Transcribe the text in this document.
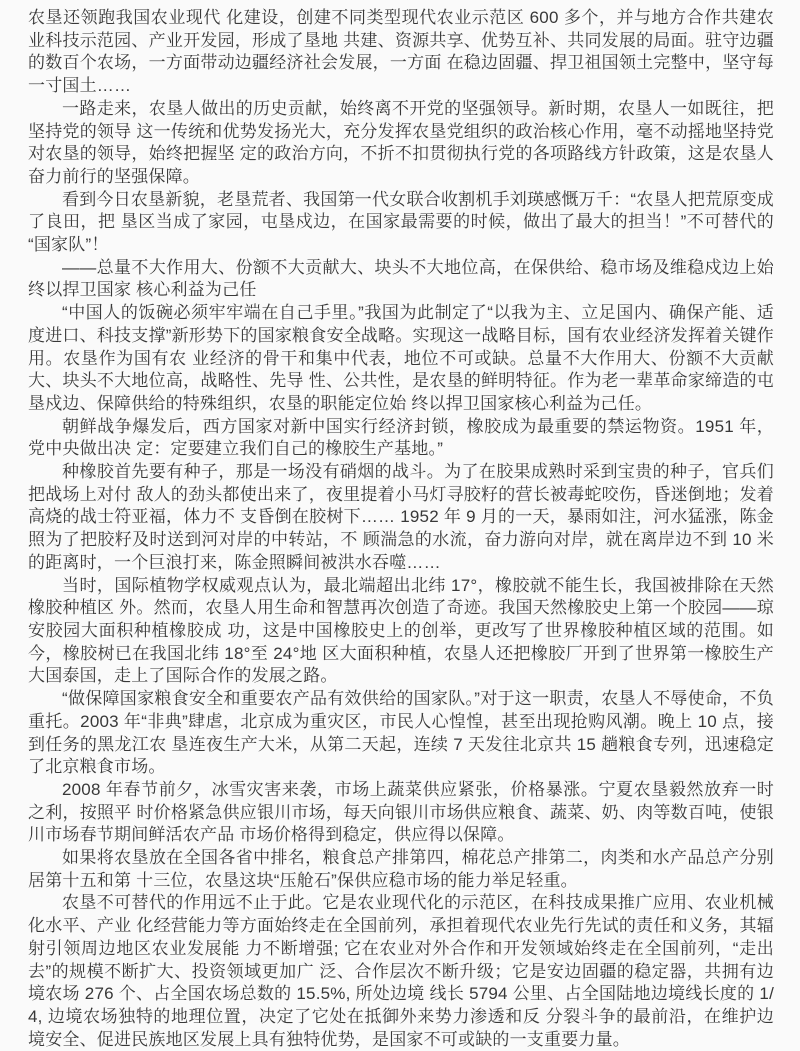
农垦还领跑我国农业现代 化建设，创建不同类型现代农业示范区 600 多个，并与地方合作共建农业科技示范园、产业开发园，形成了垦地 共建、资源共享、优势互补、共同发展的局面。驻守边疆的数百个农场，一方面带动边疆经济社会发展，一方面 在稳边固疆、捍卫祖国领土完整中，坚守每一寸国土……

一路走来，农垦人做出的历史贡献，始终离不开党的坚强领导。新时期，农垦人一如既往，把坚持党的领导 这一传统和优势发扬光大，充分发挥农垦党组织的政治核心作用，毫不动摇地坚持党对农垦的领导，始终把握坚 定的政治方向，不折不扣贯彻执行党的各项路线方针政策，这是农垦人奋力前行的坚强保障。

看到今日农垦新貌，老垦荒者、我国第一代女联合收割机手刘瑛感慨万千：“农垦人把荒原变成了良田，把 垦区当成了家园，屯垦戍边，在国家最需要的时候，做出了最大的担当！”不可替代的“国家队”！

——总量不大作用大、份额不大贡献大、块头不大地位高，在保供给、稳市场及维稳戍边上始终以捍卫国家 核心利益为己任

“中国人的饭碗必须牢牢端在自己手里。”我国为此制定了“以我为主、立足国内、确保产能、适度进口、科技支撑”新形势下的国家粮食安全战略。实现这一战略目标，国有农业经济发挥着关键作用。农垦作为国有农 业经济的骨干和集中代表，地位不可或缺。总量不大作用大、份额不大贡献大、块头不大地位高，战略性、先导 性、公共性，是农垦的鲜明特征。作为老一辈革命家缔造的屯垦戍边、保障供给的特殊组织，农垦的职能定位始 终以捍卫国家核心利益为己任。

朝鲜战争爆发后，西方国家对新中国实行经济封锁，橡胶成为最重要的禁运物资。1951 年，党中央做出决 定：定要建立我们自己的橡胶生产基地。”

种橡胶首先要有种子，那是一场没有硝烟的战斗。为了在胶果成熟时采到宝贵的种子，官兵们把战场上对付 敌人的劲头都使出来了，夜里提着小马灯寻胶籽的营长被毒蛇咬伤，昏迷倒地；发着高烧的战士符亚福，体力不 支昏倒在胶树下…… 1952 年 9 月的一天，暴雨如注，河水猛涨，陈金照为了把胶籽及时送到河对岸的中转站，不 顾湍急的水流，奋力游向对岸，就在离岸边不到 10 米的距离时，一个巨浪打来，陈金照瞬间被洪水吞噬……

当时，国际植物学权威观点认为，最北端超出北纬 17°，橡胶就不能生长，我国被排除在天然橡胶种植区 外。然而，农垦人用生命和智慧再次创造了奇迹。我国天然橡胶史上第一个胶园——琼安胶园大面积种植橡胶成 功，这是中国橡胶史上的创举，更改写了世界橡胶种植区域的范围。如今，橡胶树已在我国北纬 18°至 24°地 区大面积种植，农垦人还把橡胶厂开到了世界第一橡胶生产大国泰国，走上了国际合作的发展之路。

“做保障国家粮食安全和重要农产品有效供给的国家队。”对于这一职责，农垦人不辱使命，不负重托。2003 年“非典”肆虐，北京成为重灾区，市民人心惶惶，甚至出现抢购风潮。晚上 10 点，接到任务的黑龙江农 垦连夜生产大米，从第二天起，连续 7 天发往北京共 15 趟粮食专列，迅速稳定了北京粮食市场。

2008 年春节前夕，冰雪灾害来袭，市场上蔬菜供应紧张，价格暴涨。宁夏农垦毅然放弃一时之利，按照平 时价格紧急供应银川市场，每天向银川市场供应粮食、蔬菜、奶、肉等数百吨，使银川市场春节期间鲜活农产品 市场价格得到稳定，供应得以保障。

如果将农垦放在全国各省中排名，粮食总产排第四，棉花总产排第二，肉类和水产品总产分别居第十五和第 十三位，农垦这块“压舱石”保供应稳市场的能力举足轻重。

农垦不可替代的作用远不止于此。它是农业现代化的示范区，在科技成果推广应用、农业机械化水平、产业 化经营能力等方面始终走在全国前列，承担着现代农业先行先试的责任和义务，其辐射引领周边地区农业发展能 力不断增强; 它在农业对外合作和开发领域始终走在全国前列，“走出去”的规模不断扩大、投资领域更加广 泛、合作层次不断升级；它是安边固疆的稳定器，共拥有边境农场 276 个、占全国农场总数的 15.5%, 所处边境 线长 5794 公里、占全国陆地边境线长度的 1/4, 边境农场独特的地理位置，决定了它处在抵御外来势力渗透和反 分裂斗争的最前沿，在维护边境安全、促进民族地区发展上具有独特优势，是国家不可或缺的一支重要力量。
